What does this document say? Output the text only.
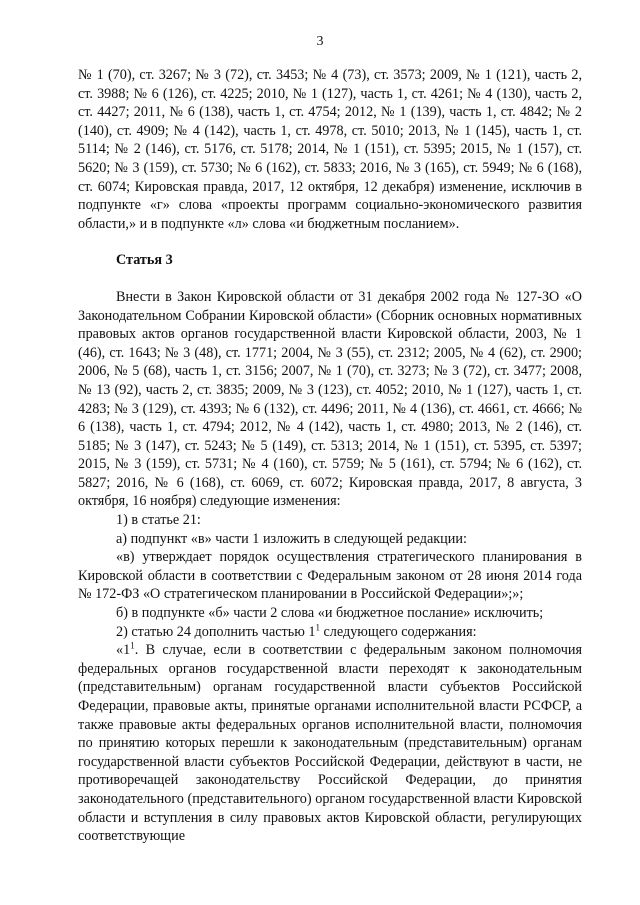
3

№ 1 (70), ст. 3267; № 3 (72), ст. 3453; № 4 (73), ст. 3573; 2009, № 1 (121), часть 2, ст. 3988; № 6 (126), ст. 4225; 2010, № 1 (127), часть 1, ст. 4261; № 4 (130), часть 2, ст. 4427; 2011, № 6 (138), часть 1, ст. 4754; 2012, № 1 (139), часть 1, ст. 4842; № 2 (140), ст. 4909; № 4 (142), часть 1, ст. 4978, ст. 5010; 2013, № 1 (145), часть 1, ст. 5114; № 2 (146), ст. 5176, ст. 5178; 2014, № 1 (151), ст. 5395; 2015, № 1 (157), ст. 5620; № 3 (159), ст. 5730; № 6 (162), ст. 5833; 2016, № 3 (165), ст. 5949; № 6 (168), ст. 6074; Кировская правда, 2017, 12 октября, 12 декабря) изменение, исключив в подпункте «г» слова «проекты программ социально-экономического развития области,» и в подпункте «л» слова «и бюджетным посланием».

Статья 3

Внести в Закон Кировской области от 31 декабря 2002 года № 127-ЗО «О Законодательном Собрании Кировской области» (Сборник основных нормативных правовых актов органов государственной власти Кировской области, 2003, № 1 (46), ст. 1643; № 3 (48), ст. 1771; 2004, № 3 (55), ст. 2312; 2005, № 4 (62), ст. 2900; 2006, № 5 (68), часть 1, ст. 3156; 2007, № 1 (70), ст. 3273; № 3 (72), ст. 3477; 2008, № 13 (92), часть 2, ст. 3835; 2009, № 3 (123), ст. 4052; 2010, № 1 (127), часть 1, ст. 4283; № 3 (129), ст. 4393; № 6 (132), ст. 4496; 2011, № 4 (136), ст. 4661, ст. 4666; № 6 (138), часть 1, ст. 4794; 2012, № 4 (142), часть 1, ст. 4980; 2013, № 2 (146), ст. 5185; № 3 (147), ст. 5243; № 5 (149), ст. 5313; 2014, № 1 (151), ст. 5395, ст. 5397; 2015, № 3 (159), ст. 5731; № 4 (160), ст. 5759; № 5 (161), ст. 5794; № 6 (162), ст. 5827; 2016, № 6 (168), ст. 6069, ст. 6072; Кировская правда, 2017, 8 августа, 3 октября, 16 ноября) следующие изменения:

1) в статье 21:

а) подпункт «в» части 1 изложить в следующей редакции:

«в) утверждает порядок осуществления стратегического планирования в Кировской области в соответствии с Федеральным законом от 28 июня 2014 года № 172-ФЗ «О стратегическом планировании в Российской Федерации»;»;

б) в подпункте «б» части 2 слова «и бюджетное послание» исключить;

2) статью 24 дополнить частью $1^1$ следующего содержания:

«$1^1$. В случае, если в соответствии с федеральным законом полномочия федеральных органов государственной власти переходят к законодательным (представительным) органам государственной власти субъектов Российской Федерации, правовые акты, принятые органами исполнительной власти РСФСР, а также правовые акты федеральных органов исполнительной власти, полномочия по принятию которых перешли к законодательным (представительным) органам государственной власти субъектов Российской Федерации, действуют в части, не противоречащей законодательству Российской Федерации, до принятия законодательного (представительного) органом государственной власти Кировской области и вступления в силу правовых актов Кировской области, регулирующих соответствующие
